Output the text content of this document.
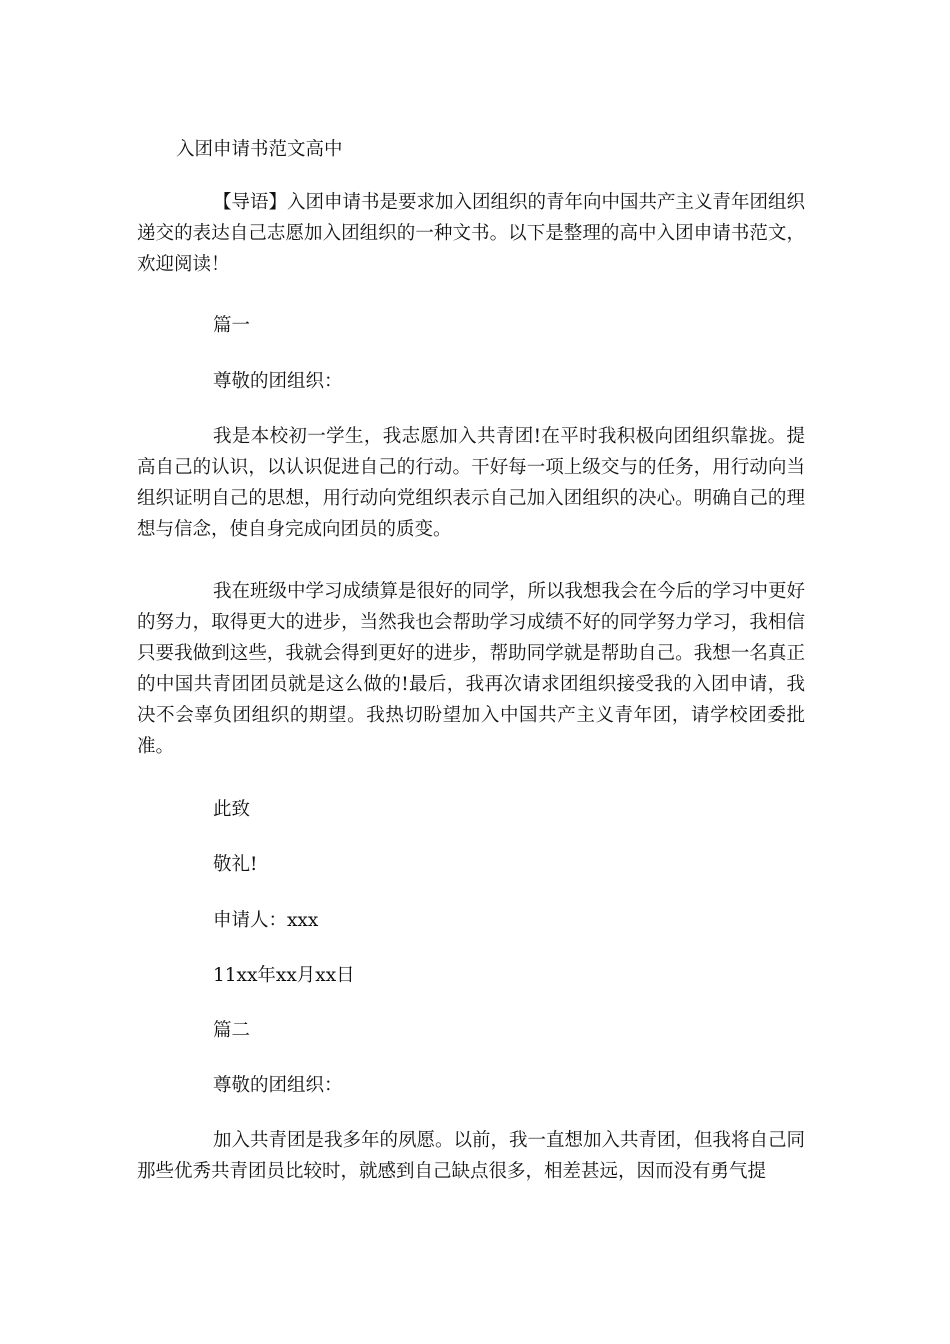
入团申请书范文高中

【导语】入团申请书是要求加入团组织的青年向中国共产主义青年团组织递交的表达自己志愿加入团组织的一种文书。以下是整理的高中入团申请书范文，欢迎阅读！

篇一

尊敬的团组织：

我是本校初一学生，我志愿加入共青团!在平时我积极向团组织靠拢。提高自己的认识，以认识促进自己的行动。干好每一项上级交与的任务，用行动向当组织证明自己的思想，用行动向党组织表示自己加入团组织的决心。明确自己的理想与信念，使自身完成向团员的质变。

我在班级中学习成绩算是很好的同学，所以我想我会在今后的学习中更好的努力，取得更大的进步，当然我也会帮助学习成绩不好的同学努力学习，我相信只要我做到这些，我就会得到更好的进步，帮助同学就是帮助自己。我想一名真正的中国共青团团员就是这么做的!最后，我再次请求团组织接受我的入团申请，我决不会辜负团组织的期望。我热切盼望加入中国共产主义青年团，请学校团委批准。

此致

敬礼!

申请人：xxx

11xx年xx月xx日

篇二

尊敬的团组织：

加入共青团是我多年的夙愿。以前，我一直想加入共青团，但我将自己同那些优秀共青团员比较时，就感到自己缺点很多，相差甚远，因而没有勇气提
